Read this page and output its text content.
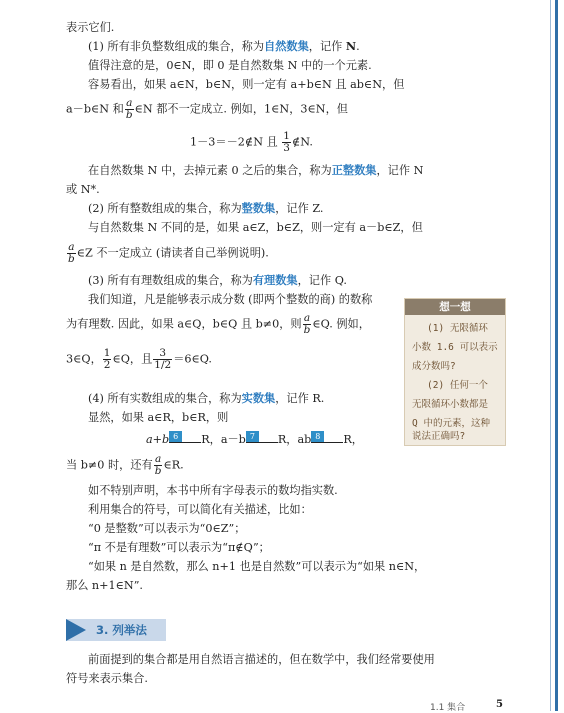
表示它们.
(1) 所有非负整数组成的集合，称为自然数集，记作 N.
值得注意的是，0∈N，即 0 是自然数集 N 中的一个元素.
容易看出，如果 a∈N，b∈N，则一定有 a+b∈N 且 ab∈N，但
a－b∈N 和 $\frac{a}{b}$ ∈N 都不一定成立. 例如，1∈N，3∈N，但
1－3＝－2∉N 且 $\frac{1}{3}$ ∉N.
在自然数集 N 中，去掉元素 0 之后的集合，称为正整数集，记作 N
或 N*.
(2) 所有整数组成的集合，称为整数集，记作 Z.
与自然数集 N 不同的是，如果 a∈Z，b∈Z，则一定有 a－b∈Z，但
$\frac{a}{b}$ ∈Z 不一定成立 (请读者自己举例说明).
(3) 所有有理数组成的集合，称为有理数集，记作 Q.
我们知道，凡是能够表示成分数 (即两个整数的商) 的数称
为有理数. 因此，如果 a∈Q，b∈Q 且 b≠0，则 $\frac{a}{b}$ ∈Q. 例如，
3∈Q， $\frac{1}{2}$ ∈Q，且 $\frac{3}{1/2}$ ＝6∈Q.
(4) 所有实数组成的集合，称为实数集，记作 R.
显然，如果 a∈R，b∈R，则
a+b 6	R，a－b 7	R，ab 8	R，
当 b≠0 时，还有 $\frac{a}{b}$ ∈R.
如不特别声明，本书中所有字母表示的数均指实数.
利用集合的符号，可以简化有关描述，比如：
“0 是整数”可以表示为“0∈Z”；
“π 不是有理数”可以表示为“π∉Q”；
“如果 n 是自然数，那么 n+1 也是自然数”可以表示为“如果 n∈N，
那么 n+1∈N”.
想一想
(1) 无限循环
小数 1.6 可以表示
成分数吗?
(2) 任何一个
无限循环小数都是
Q 中的元素，这种
说法正确吗?
3. 列举法
前面提到的集合都是用自然语言描述的，但在数学中，我们经常要使用
符号来表示集合.
1.1 集合	5
